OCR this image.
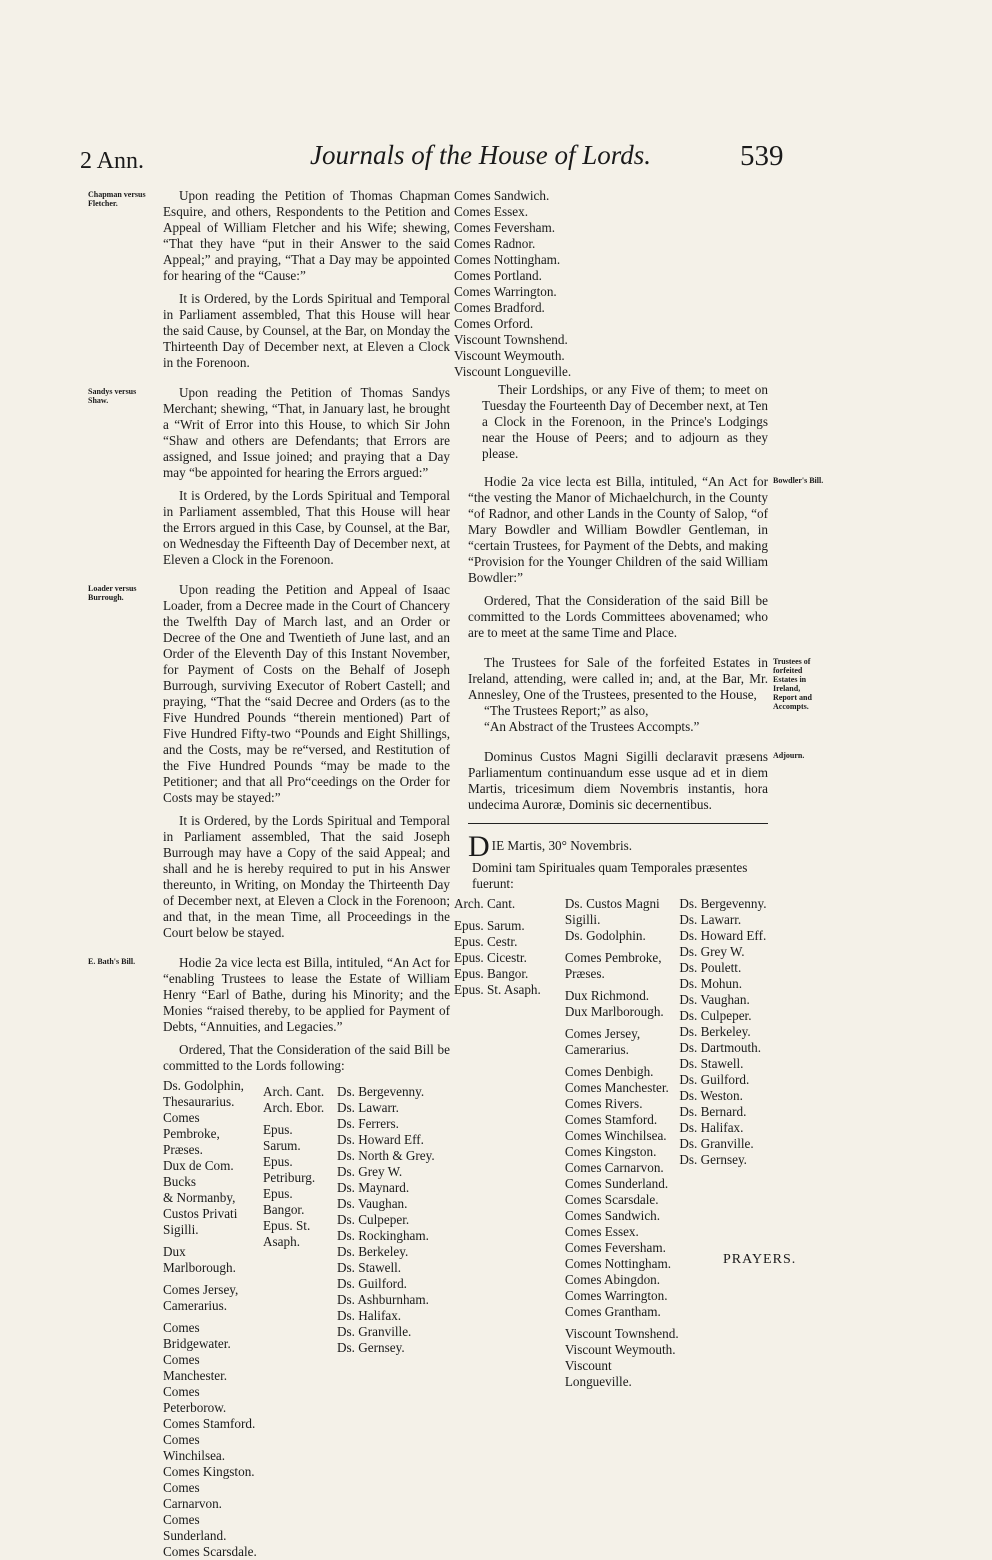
2 Ann.	Journals of the House of Lords.	539
Chapman versus Fletcher.

Upon reading the Petition of Thomas Chapman Esquire, and others, Respondents to the Petition and Appeal of William Fletcher and his Wife; shewing, “That they have “put in their Answer to the said Appeal;” and praying, “That a Day may be appointed for hearing of the “Cause:”

It is Ordered, by the Lords Spiritual and Temporal in Parliament assembled, That this House will hear the said Cause, by Counsel, at the Bar, on Monday the Thirteenth Day of December next, at Eleven a Clock in the Forenoon.

Sandys versus Shaw.

Upon reading the Petition of Thomas Sandys Merchant; shewing, “That, in January last, he brought a “Writ of Error into this House, to which Sir John “Shaw and others are Defendants; that Errors are assigned, and Issue joined; and praying that a Day may “be appointed for hearing the Errors argued:”

It is Ordered, by the Lords Spiritual and Temporal in Parliament assembled, That this House will hear the Errors argued in this Case, by Counsel, at the Bar, on Wednesday the Fifteenth Day of December next, at Eleven a Clock in the Forenoon.

Loader versus Burrough.

Upon reading the Petition and Appeal of Isaac Loader, from a Decree made in the Court of Chancery the Twelfth Day of March last, and an Order or Decree of the One and Twentieth of June last, and an Order of the Eleventh Day of this Instant November, for Payment of Costs on the Behalf of Joseph Burrough, surviving Executor of Robert Castell; and praying, “That the “said Decree and Orders (as to the Five Hundred Pounds “therein mentioned) Part of Five Hundred Fifty-two “Pounds and Eight Shillings, and the Costs, may be re“versed, and Restitution of the Five Hundred Pounds “may be made to the Petitioner; and that all Pro“ceedings on the Order for Costs may be stayed:”

It is Ordered, by the Lords Spiritual and Temporal in Parliament assembled, That the said Joseph Burrough may have a Copy of the said Appeal; and shall and he is hereby required to put in his Answer thereunto, in Writing, on Monday the Thirteenth Day of December next, at Eleven a Clock in the Forenoon; and that, in the mean Time, all Proceedings in the Court below be stayed.

E. Bath's Bill.	Hodie 2a vice lecta est Billa, intituled, “An Act for “enabling Trustees to lease the Estate of William Henry “Earl of Bathe, during his Minority; and the Monies “raised thereby, to be applied for Payment of Debts, “Annuities, and Legacies.”

Ordered, That the Consideration of the said Bill be committed to the Lords following:

Ds. Godolphin,
Thesaurarius.
Comes Pembroke,
Præses.
Dux de Com. Bucks
& Normanby,
Custos Privati
Sigilli.
Dux Marlborough.
Comes Jersey, Camerarius.
Comes Bridgewater.
Comes Manchester.
Comes Peterborow.
Comes Stamford.
Comes Winchilsea.
Comes Kingston.
Comes Carnarvon.
Comes Sunderland.
Comes Scarsdale.
Arch. Cant.
Arch. Ebor.
Epus. Sarum.
Epus. Petriburg.
Epus. Bangor.
Epus. St. Asaph.
Ds. Bergevenny.
Ds. Lawarr.
Ds. Ferrers.
Ds. Howard Eff.
Ds. North & Grey.
Ds. Grey W.
Ds. Maynard.
Ds. Vaughan.
Ds. Culpeper.
Ds. Rockingham.
Ds. Berkeley.
Ds. Stawell.
Ds. Guilford.
Ds. Ashburnham.
Ds. Halifax.
Ds. Granville.
Ds. Gernsey.
Comes Sandwich.
Comes Essex.
Comes Feversham.
Comes Radnor.
Comes Nottingham.
Comes Portland.
Comes Warrington.
Comes Bradford.
Comes Orford.
Viscount Townshend.
Viscount Weymouth.
Viscount Longueville.

Their Lordships, or any Five of them; to meet on Tuesday the Fourteenth Day of December next, at Ten a Clock in the Forenoon, in the Prince's Lodgings near the House of Peers; and to adjourn as they please.

Bowdler's Bill.

Hodie 2a vice lecta est Billa, intituled, “An Act for “the vesting the Manor of Michaelchurch, in the County “of Radnor, and other Lands in the County of Salop, “of Mary Bowdler and William Bowdler Gentleman, in “certain Trustees, for Payment of the Debts, and making “Provision for the Younger Children of the said William Bowdler:”

Ordered, That the Consideration of the said Bill be committed to the Lords Committees abovenamed; who are to meet at the same Time and Place.

Trustees of forfeited Estates in Ireland, Report and Accompts.

The Trustees for Sale of the forfeited Estates in Ireland, attending, were called in; and, at the Bar, Mr. Annesley, One of the Trustees, presented to the House,

“The Trustees Report;” as also,

“An Abstract of the Trustees Accompts.”

Adjourn.

Dominus Custos Magni Sigilli declaravit præsens Parliamentum continuandum esse usque ad et in diem Martis, tricesimum diem Novembris instantis, hora undecima Auroræ, Dominis sic decernentibus.

D IE Martis, 30° Novembris.
Domini tam Spirituales quam Temporales præsentes fuerunt:
Arch. Cant.
Epus. Sarum.
Epus. Cestr.
Epus. Cicestr.
Epus. Bangor.
Epus. St. Asaph.
Ds. Custos Magni
Sigilli.
Ds. Godolphin.
Comes Pembroke,
Præses.
Dux Richmond.
Dux Marlborough.
Comes Jersey, Camerarius.
Comes Denbigh.
Comes Manchester.
Comes Rivers.
Comes Stamford.
Comes Winchilsea.
Comes Kingston.
Comes Carnarvon.
Comes Sunderland.
Comes Scarsdale.
Comes Sandwich.
Comes Essex.
Comes Feversham.
Comes Nottingham.
Comes Abingdon.
Comes Warrington.
Comes Grantham.
Viscount Townshend.
Viscount Weymouth.
Viscount Longueville.
Ds. Bergevenny.
Ds. Lawarr.
Ds. Howard Eff.
Ds. Grey W.
Ds. Poulett.
Ds. Mohun.
Ds. Vaughan.
Ds. Culpeper.
Ds. Berkeley.
Ds. Dartmouth.
Ds. Stawell.
Ds. Guilford.
Ds. Weston.
Ds. Bernard.
Ds. Halifax.
Ds. Granville.
Ds. Gernsey.
PRAYERS.
